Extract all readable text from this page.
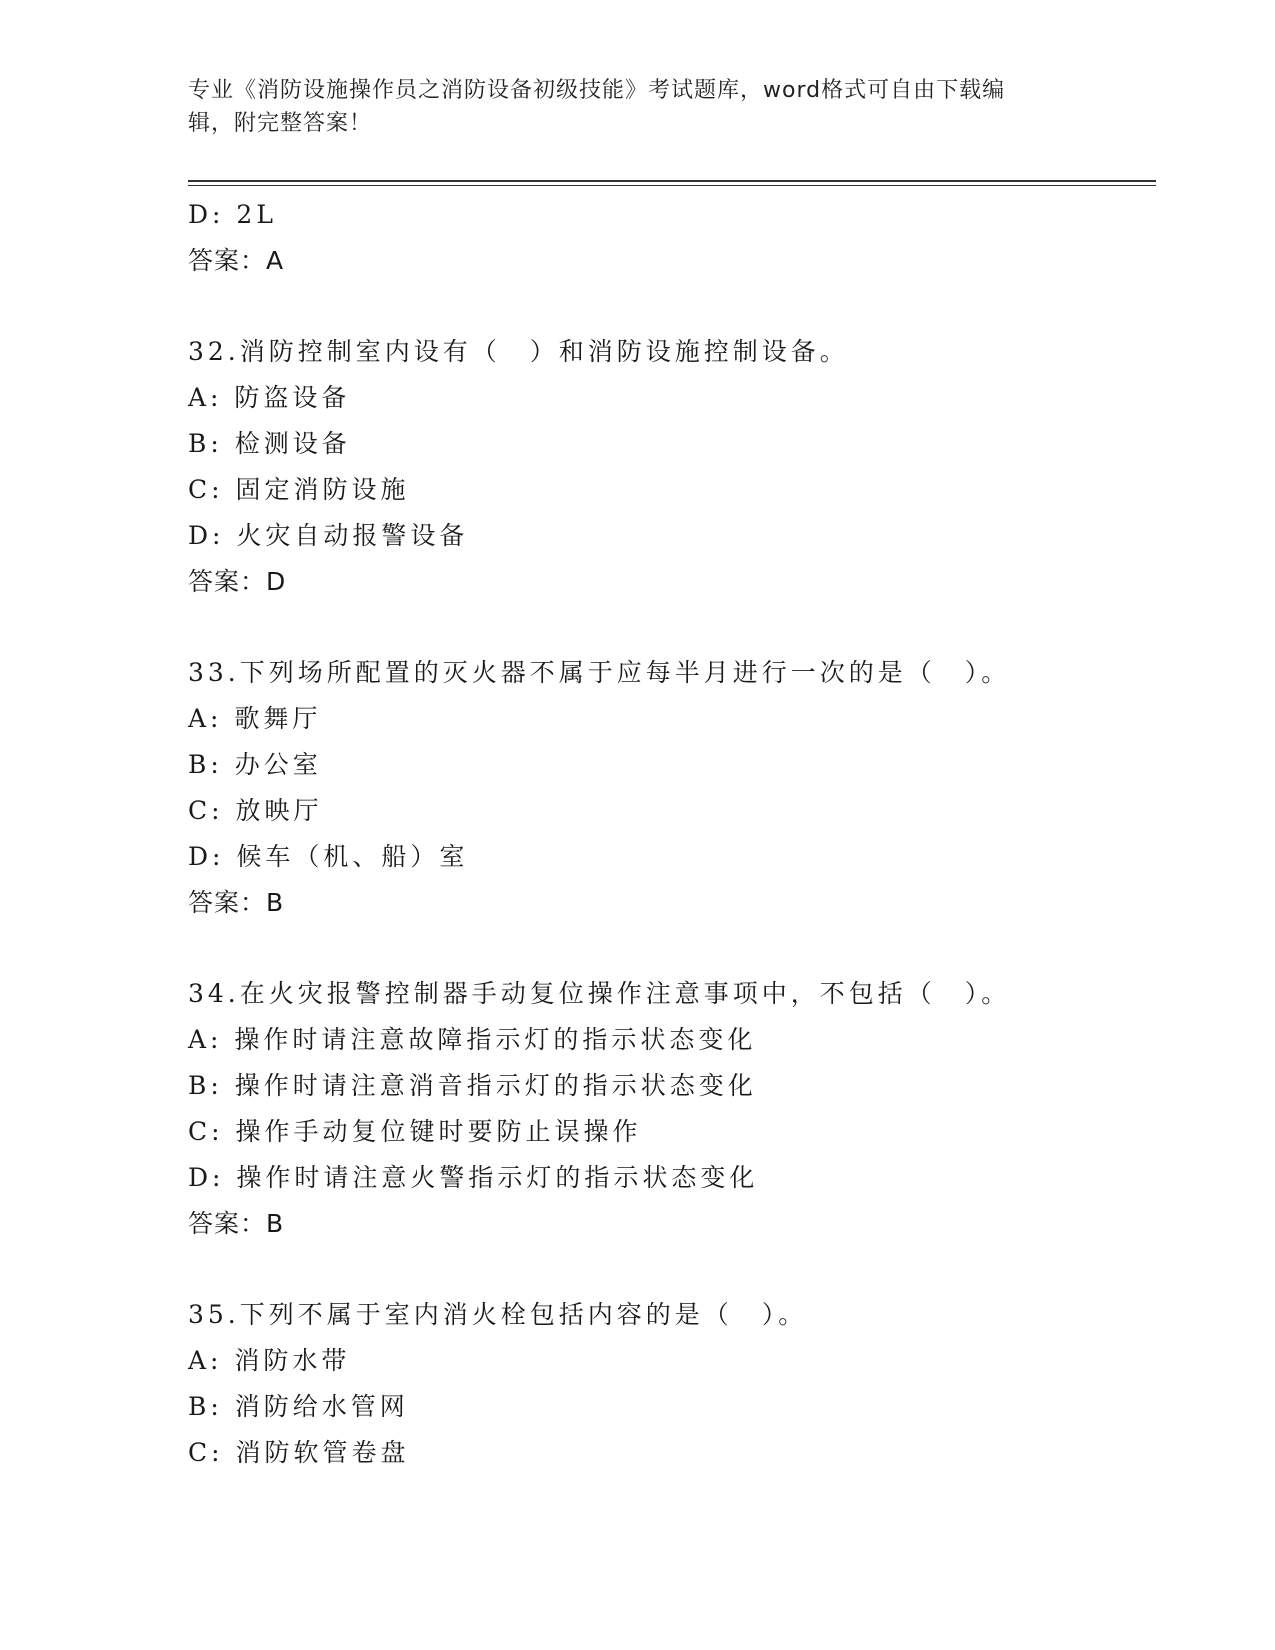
专业《消防设施操作员之消防设备初级技能》考试题库，word格式可自由下载编
辑，附完整答案！
D: 2L
答案：A
32.消防控制室内设有（　）和消防设施控制设备。
A: 防盗设备
B: 检测设备
C: 固定消防设施
D: 火灾自动报警设备
答案：D
33.下列场所配置的灭火器不属于应每半月进行一次的是（　）。
A: 歌舞厅
B: 办公室
C: 放映厅
D: 候车（机、船）室
答案：B
34.在火灾报警控制器手动复位操作注意事项中，不包括（　）。
A: 操作时请注意故障指示灯的指示状态变化
B: 操作时请注意消音指示灯的指示状态变化
C: 操作手动复位键时要防止误操作
D: 操作时请注意火警指示灯的指示状态变化
答案：B
35.下列不属于室内消火栓包括内容的是（　）。
A: 消防水带
B: 消防给水管网
C: 消防软管卷盘
